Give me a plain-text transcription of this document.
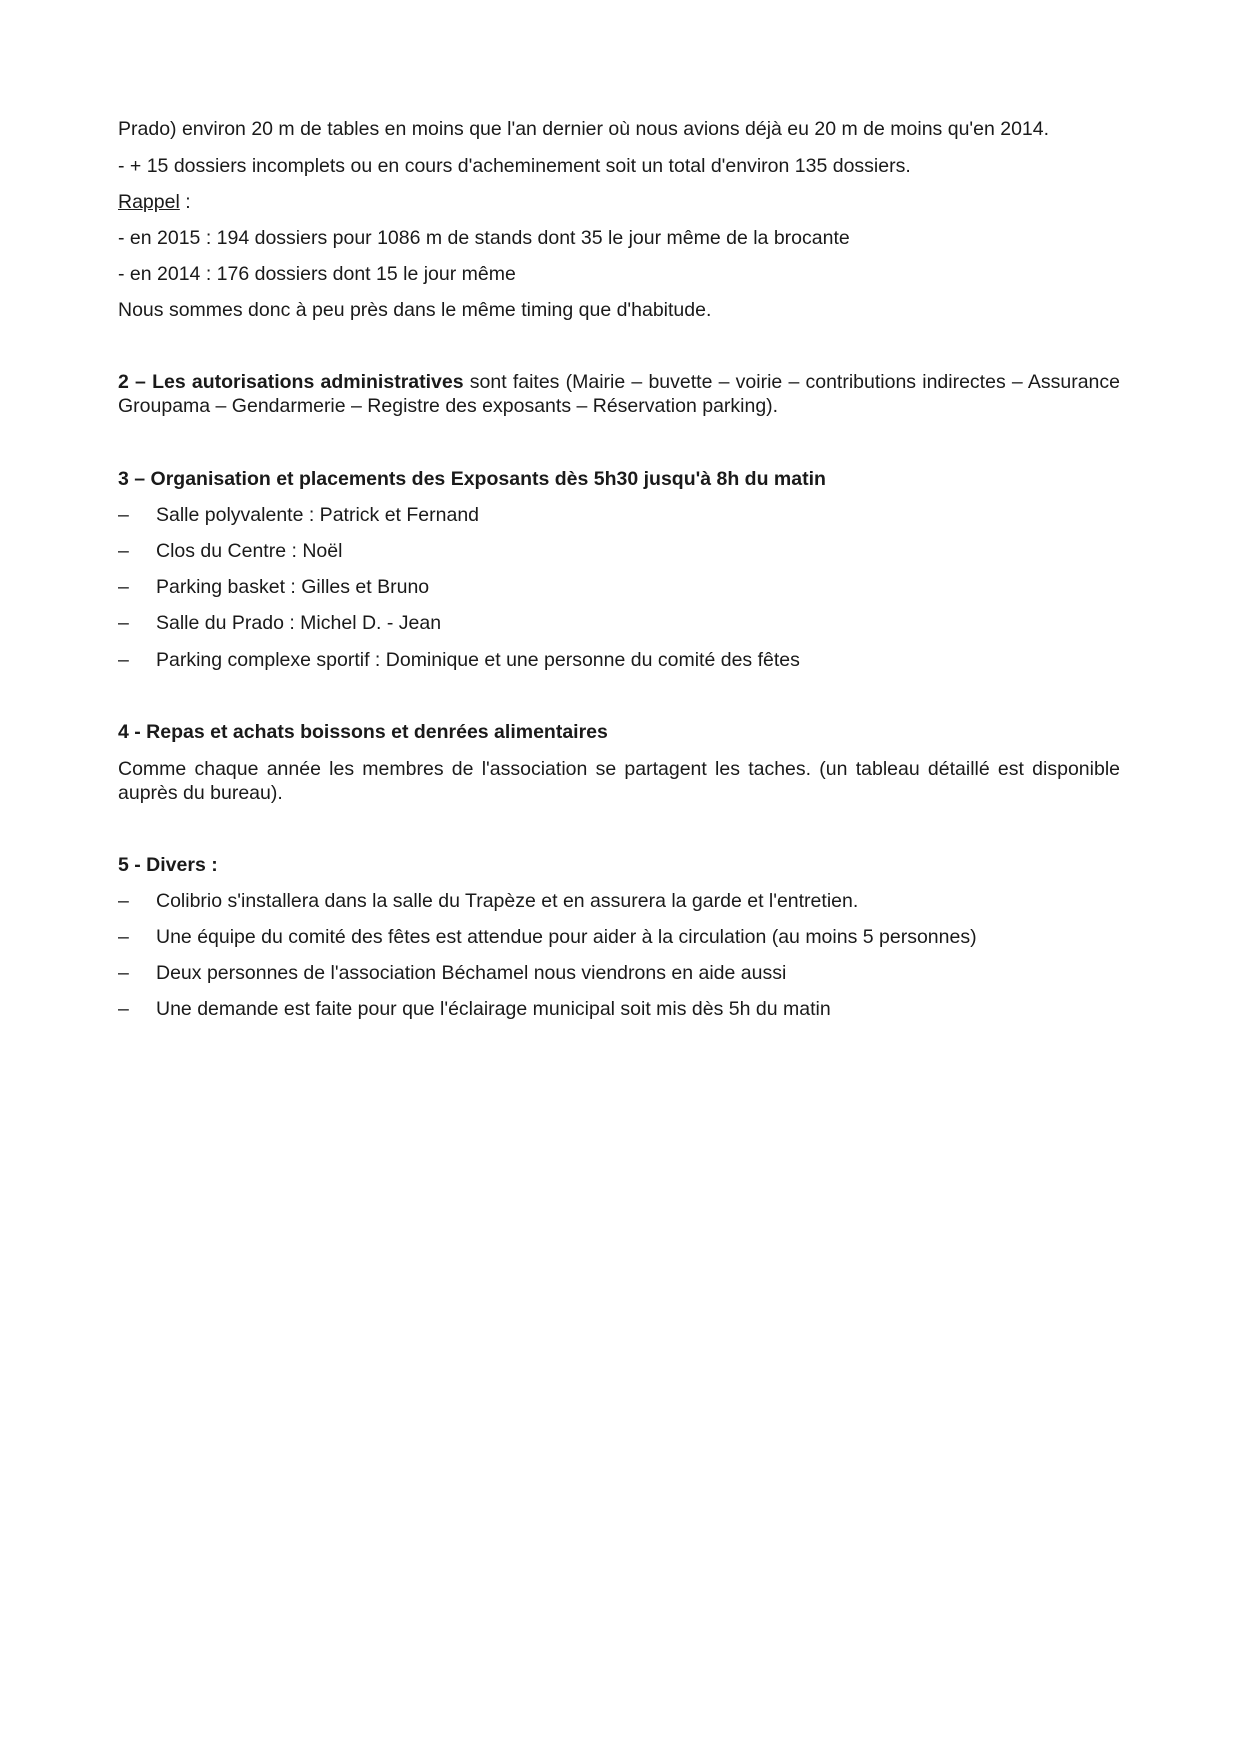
Prado) environ 20 m de tables en moins que l'an dernier où nous avions déjà eu 20 m de moins qu'en 2014.
- + 15 dossiers incomplets ou en cours d'acheminement soit un total d'environ 135 dossiers.
Rappel :
- en 2015 : 194 dossiers pour 1086 m de stands dont 35 le jour même de la brocante
- en 2014 : 176 dossiers dont 15 le jour même
Nous sommes donc à peu près dans le même timing que d'habitude.
2 – Les autorisations administratives sont faites (Mairie – buvette – voirie – contributions indirectes – Assurance Groupama – Gendarmerie – Registre des exposants – Réservation parking).
3 – Organisation et placements des Exposants dès 5h30 jusqu'à 8h du matin
– Salle polyvalente : Patrick et Fernand
– Clos du Centre : Noël
– Parking basket : Gilles et Bruno
– Salle du Prado : Michel D. - Jean
– Parking complexe sportif : Dominique et une personne du comité des fêtes
4 - Repas et achats boissons et denrées alimentaires
Comme chaque année les membres de l'association se partagent les taches. (un tableau détaillé est disponible auprès du bureau).
5 - Divers :
– Colibrio s'installera dans la salle du Trapèze et en assurera la garde et l'entretien.
– Une équipe du comité des fêtes est attendue pour aider à la circulation (au moins 5 personnes)
– Deux personnes de l'association Béchamel nous viendrons en aide aussi
– Une demande est faite pour que l'éclairage municipal soit mis dès 5h du matin
